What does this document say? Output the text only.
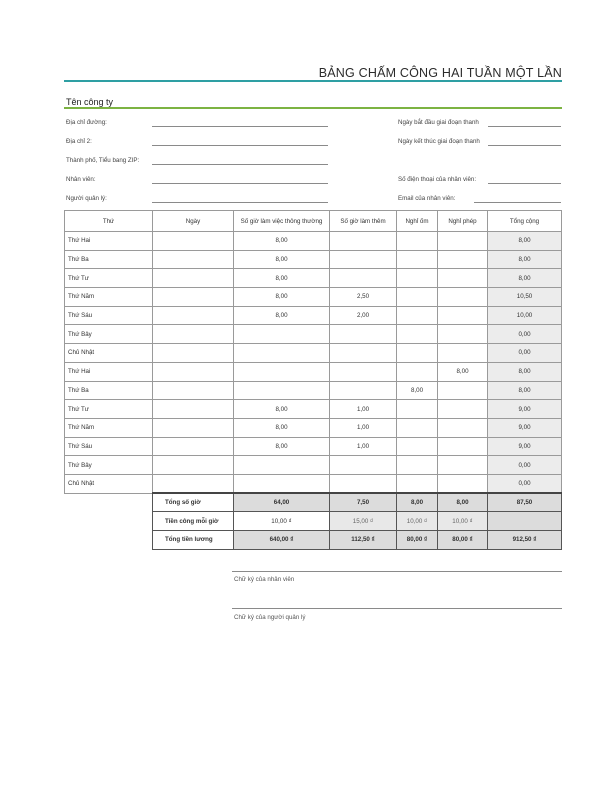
BẢNG CHẤM CÔNG HAI TUẦN MỘT LẦN
Tên công ty
Địa chỉ đường:
Địa chỉ 2:
Thành phố, Tiểu bang ZIP:
Nhân viên:
Người quản lý:
Ngày bắt đầu giai đoạn thanh
Ngày kết thúc giai đoạn thanh
Số điện thoại của nhân viên:
Email của nhân viên:
Thứ	Ngày	Số giờ làm việc thông thường	Số giờ làm thêm	Nghỉ ốm	Nghỉ phép	Tổng cộng
Thứ Hai		8,00				8,00
Thứ Ba		8,00				8,00
Thứ Tư		8,00				8,00
Thứ Năm		8,00	2,50			10,50
Thứ Sáu		8,00	2,00			10,00
Thứ Bảy						0,00
Chủ Nhật						0,00
Thứ Hai					8,00	8,00
Thứ Ba				8,00		8,00
Thứ Tư		8,00	1,00			9,00
Thứ Năm		8,00	1,00			9,00
Thứ Sáu		8,00	1,00			9,00
Thứ Bảy						0,00
Chủ Nhật						0,00
	Tổng số giờ	64,00	7,50	8,00	8,00	87,50
	Tiền công mỗi giờ	10,00 ₫	15,00 ₫	10,00 ₫	10,00 ₫	
	Tổng tiền lương	640,00 ₫	112,50 ₫	80,00 ₫	80,00 ₫	912,50 ₫
Chữ ký của nhân viên
Chữ ký của người quản lý
